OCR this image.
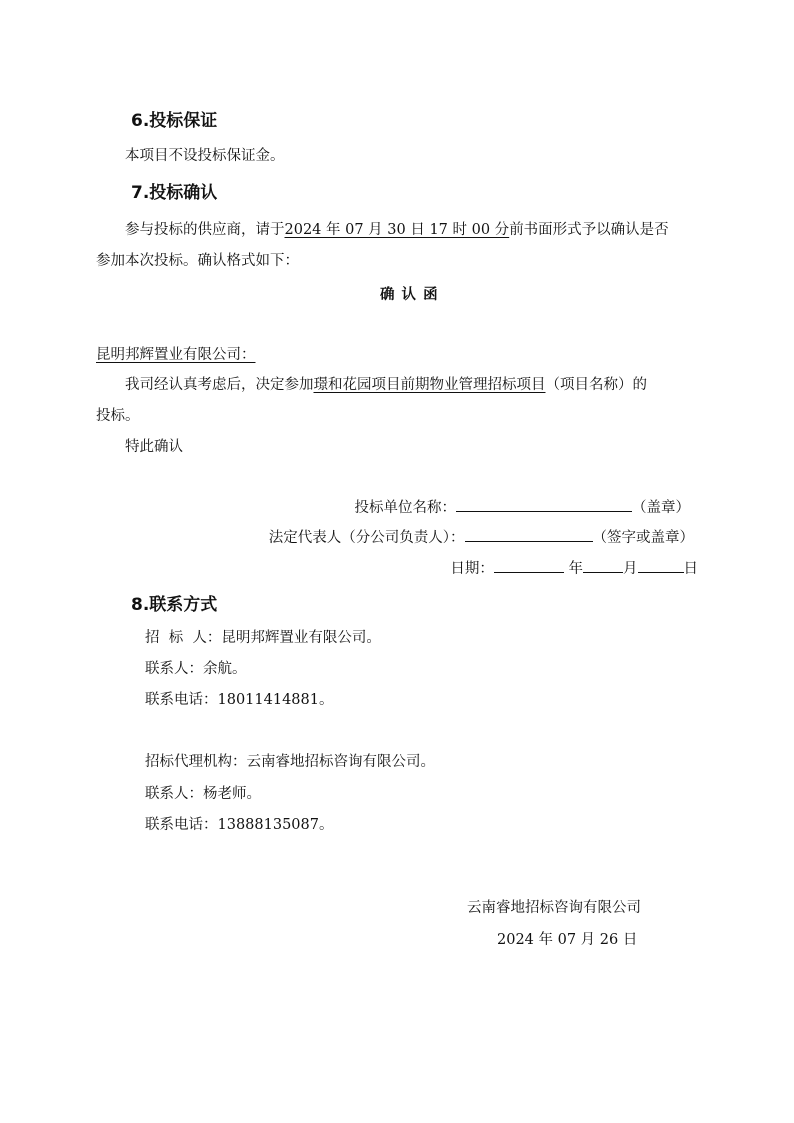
6.投标保证
本项目不设投标保证金。
7.投标确认
参与投标的供应商，请于2024 年 07 月 30 日 17 时 00 分前书面形式予以确认是否
参加本次投标。确认格式如下：
确 认 函
昆明邦辉置业有限公司：
我司经认真考虑后，决定参加璟和花园项目前期物业管理招标项目（项目名称）的
投标。
特此确认
投标单位名称：	（盖章）
法定代表人（分公司负责人）：	（签字或盖章）
日期：	年	月	日
8.联系方式
招  标  人：昆明邦辉置业有限公司。
联系人：余航。
联系电话：18011414881。
招标代理机构：云南睿地招标咨询有限公司。
联系人：杨老师。
联系电话：13888135087。
云南睿地招标咨询有限公司
2024 年 07 月 26 日
